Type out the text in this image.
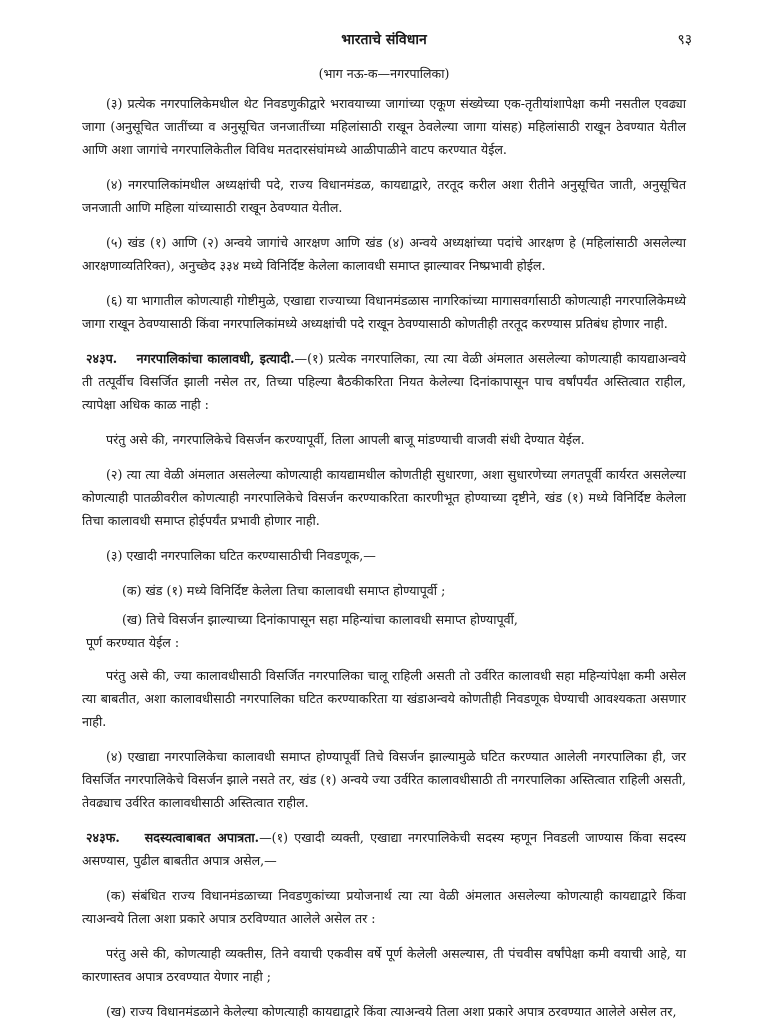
भारताचे संविधान	९३
(भाग नऊ-क—नगरपालिका)

(३) प्रत्येक नगरपालिकेमधील थेट निवडणुकीद्वारे भरावयाच्या जागांच्या एकूण संख्येच्या एक-तृतीयांशापेक्षा कमी नसतील एवढ्या जागा (अनुसूचित जातींच्या व अनुसूचित जनजातींच्या महिलांसाठी राखून ठेवलेल्या जागा यांसह) महिलांसाठी राखून ठेवण्यात येतील आणि अशा जागांचे नगरपालिकेतील विविध मतदारसंघांमध्ये आळीपाळीने वाटप करण्यात येईल.

(४) नगरपालिकांमधील अध्यक्षांची पदे, राज्य विधानमंडळ, कायद्याद्वारे, तरतूद करील अशा रीतीने अनुसूचित जाती, अनुसूचित जनजाती आणि महिला यांच्यासाठी राखून ठेवण्यात येतील.

(५) खंड (१) आणि (२) अन्वये जागांचे आरक्षण आणि खंड (४) अन्वये अध्यक्षांच्या पदांचे आरक्षण हे (महिलांसाठी असलेल्या आरक्षणाव्यतिरिक्त), अनुच्छेद ३३४ मध्ये विनिर्दिष्ट केलेला कालावधी समाप्त झाल्यावर निष्प्रभावी होईल.

(६) या भागातील कोणत्याही गोष्टीमुळे, एखाद्या राज्याच्या विधानमंडळास नागरिकांच्या मागासवर्गासाठी कोणत्याही नगरपालिकेमध्ये जागा राखून ठेवण्यासाठी किंवा नगरपालिकांमध्ये अध्यक्षांची पदे राखून ठेवण्यासाठी कोणतीही तरतूद करण्यास प्रतिबंध होणार नाही.

२४३प. नगरपालिकांचा कालावधी, इत्यादी.—(१) प्रत्येक नगरपालिका, त्या त्या वेळी अंमलात असलेल्या कोणत्याही कायद्याअन्वये ती तत्पूर्वीच विसर्जित झाली नसेल तर, तिच्या पहिल्या बैठकीकरिता नियत केलेल्या दिनांकापासून पाच वर्षांपर्यंत अस्तित्वात राहील, त्यापेक्षा अधिक काळ नाही :

परंतु असे की, नगरपालिकेचे विसर्जन करण्यापूर्वी, तिला आपली बाजू मांडण्याची वाजवी संधी देण्यात येईल.

(२) त्या त्या वेळी अंमलात असलेल्या कोणत्याही कायद्यामधील कोणतीही सुधारणा, अशा सुधारणेच्या लगतपूर्वी कार्यरत असलेल्या कोणत्याही पातळीवरील कोणत्याही नगरपालिकेचे विसर्जन करण्याकरिता कारणीभूत होण्याच्या दृष्टीने, खंड (१) मध्ये विनिर्दिष्ट केलेला तिचा कालावधी समाप्त होईपर्यंत प्रभावी होणार नाही.

(३) एखादी नगरपालिका घटित करण्यासाठीची निवडणूक,—

(क) खंड (१) मध्ये विनिर्दिष्ट केलेला तिचा कालावधी समाप्त होण्यापूर्वी ;

(ख) तिचे विसर्जन झाल्याच्या दिनांकापासून सहा महिन्यांचा कालावधी समाप्त होण्यापूर्वी,

पूर्ण करण्यात येईल :

परंतु असे की, ज्या कालावधीसाठी विसर्जित नगरपालिका चालू राहिली असती तो उर्वरित कालावधी सहा महिन्यांपेक्षा कमी असेल त्या बाबतीत, अशा कालावधीसाठी नगरपालिका घटित करण्याकरिता या खंडाअन्वये कोणतीही निवडणूक घेण्याची आवश्यकता असणार नाही.

(४) एखाद्या नगरपालिकेचा कालावधी समाप्त होण्यापूर्वी तिचे विसर्जन झाल्यामुळे घटित करण्यात आलेली नगरपालिका ही, जर विसर्जित नगरपालिकेचे विसर्जन झाले नसते तर, खंड (१) अन्वये ज्या उर्वरित कालावधीसाठी ती नगरपालिका अस्तित्वात राहिली असती, तेवढ्याच उर्वरित कालावधीसाठी अस्तित्वात राहील.

२४३फ. सदस्यत्वाबाबत अपात्रता.—(१) एखादी व्यक्ती, एखाद्या नगरपालिकेची सदस्य म्हणून निवडली जाण्यास किंवा सदस्य असण्यास, पुढील बाबतीत अपात्र असेल,—

(क) संबंधित राज्य विधानमंडळाच्या निवडणुकांच्या प्रयोजनार्थ त्या त्या वेळी अंमलात असलेल्या कोणत्याही कायद्याद्वारे किंवा त्याअन्वये तिला अशा प्रकारे अपात्र ठरविण्यात आलेले असेल तर :

परंतु असे की, कोणत्याही व्यक्तीस, तिने वयाची एकवीस वर्षे पूर्ण केलेली असल्यास, ती पंचवीस वर्षांपेक्षा कमी वयाची आहे, या कारणास्तव अपात्र ठरवण्यात येणार नाही ;

(ख) राज्य विधानमंडळाने केलेल्या कोणत्याही कायद्याद्वारे किंवा त्याअन्वये तिला अशा प्रकारे अपात्र ठरवण्यात आलेले असेल तर,
